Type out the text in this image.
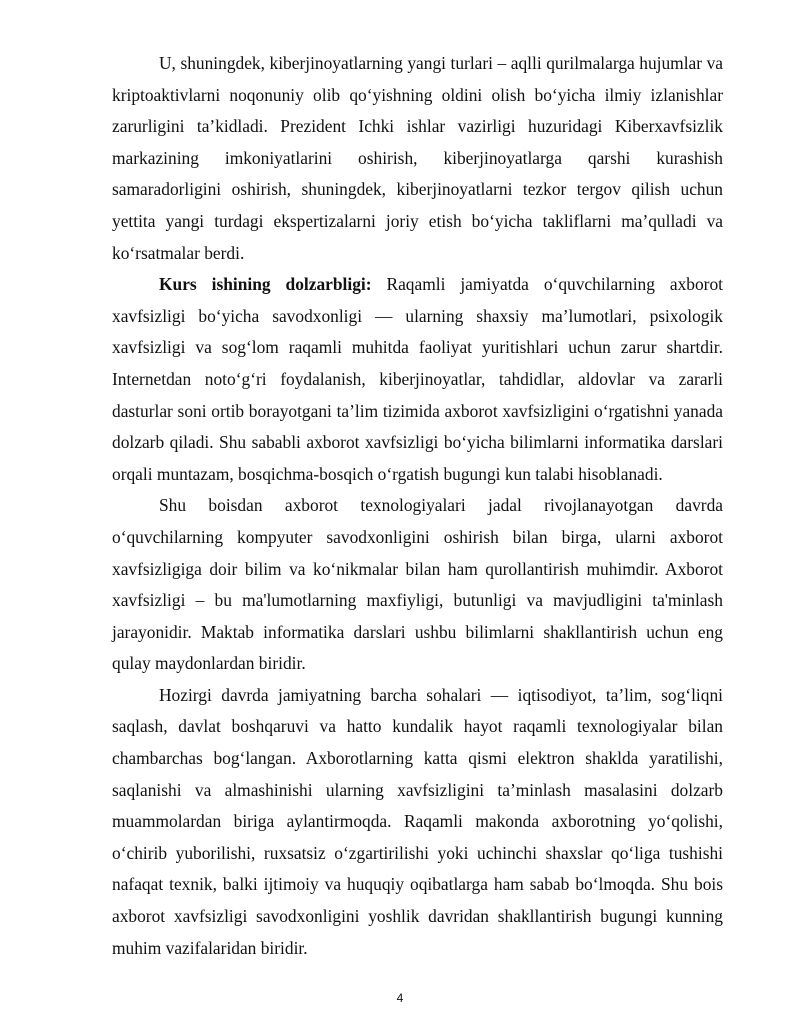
U, shuningdek, kiberjinoyatlarning yangi turlari – aqlli qurilmalarga hujumlar va kriptoaktivlarni noqonuniy olib qo‘yishning oldini olish bo‘yicha ilmiy izlanishlar zarurligini ta’kidladi. Prezident Ichki ishlar vazirligi huzuridagi Kiberxavfsizlik markazining imkoniyatlarini oshirish, kiberjinoyatlarga qarshi kurashish samaradorligini oshirish, shuningdek, kiberjinoyatlarni tezkor tergov qilish uchun yettita yangi turdagi ekspertizalarni joriy etish bo‘yicha takliflarni ma’qulladi va ko‘rsatmalar berdi.

Kurs ishining dolzarbligi: Raqamli jamiyatda o‘quvchilarning axborot xavfsizligi bo‘yicha savodxonligi — ularning shaxsiy ma’lumotlari, psixologik xavfsizligi va sog‘lom raqamli muhitda faoliyat yuritishlari uchun zarur shartdir. Internetdan noto‘g‘ri foydalanish, kiberjinoyatlar, tahdidlar, aldovlar va zararli dasturlar soni ortib borayotgani ta’lim tizimida axborot xavfsizligini o‘rgatishni yanada dolzarb qiladi. Shu sababli axborot xavfsizligi bo‘yicha bilimlarni informatika darslari orqali muntazam, bosqichma-bosqich o‘rgatish bugungi kun talabi hisoblanadi.

Shu boisdan axborot texnologiyalari jadal rivojlanayotgan davrda o‘quvchilarning kompyuter savodxonligini oshirish bilan birga, ularni axborot xavfsizligiga doir bilim va ko‘nikmalar bilan ham qurollantirish muhimdir. Axborot xavfsizligi – bu ma'lumotlarning maxfiyligi, butunligi va mavjudligini ta'minlash jarayonidir. Maktab informatika darslari ushbu bilimlarni shakllantirish uchun eng qulay maydonlardan biridir.

Hozirgi davrda jamiyatning barcha sohalari — iqtisodiyot, ta’lim, sog‘liqni saqlash, davlat boshqaruvi va hatto kundalik hayot raqamli texnologiyalar bilan chambarchas bog‘langan. Axborotlarning katta qismi elektron shaklda yaratilishi, saqlanishi va almashinishi ularning xavfsizligini ta’minlash masalasini dolzarb muammolardan biriga aylantirmoqda. Raqamli makonda axborotning yo‘qolishi, o‘chirib yuborilishi, ruxsatsiz o‘zgartirilishi yoki uchinchi shaxslar qo‘liga tushishi nafaqat texnik, balki ijtimoiy va huquqiy oqibatlarga ham sabab bo‘lmoqda. Shu bois axborot xavfsizligi savodxonligini yoshlik davridan shakllantirish bugungi kunning muhim vazifalaridan biridir.

4
